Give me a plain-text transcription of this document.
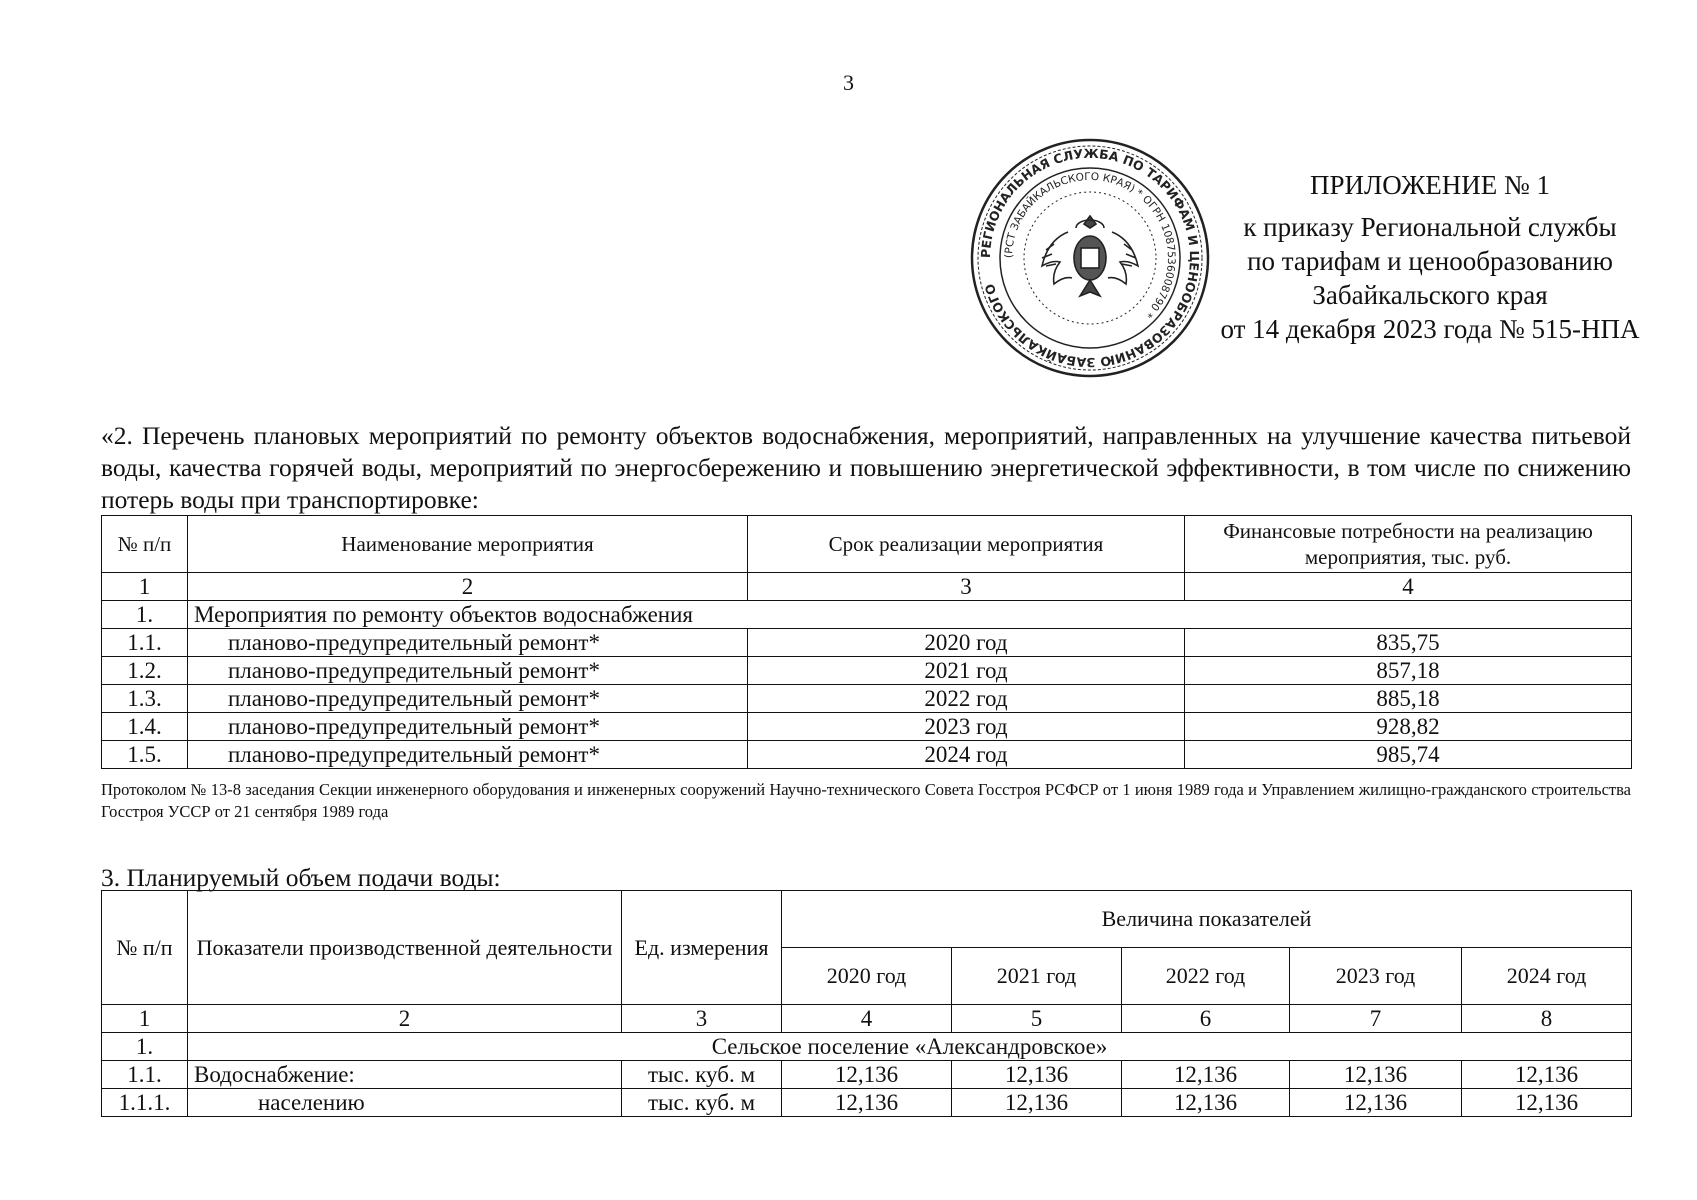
3
РЕГИОНАЛЬНАЯ СЛУЖБА ПО ТАРИФАМ И ЦЕНООБРАЗОВАНИЮ ЗАБАЙКАЛЬСКОГО
(РСТ ЗАБАЙКАЛЬСКОГО КРАЯ) * ОГРН 1087536008790 *
ПРИЛОЖЕНИЕ № 1
к приказу Региональной службы
по тарифам и ценообразованию
Забайкальского края
от 14 декабря 2023 года № 515-НПА
«2. Перечень плановых мероприятий по ремонту объектов водоснабжения, мероприятий, направленных на улучшение качества питьевой воды, качества горячей воды, мероприятий по энергосбережению и повышению энергетической эффективности, в том числе по снижению потерь воды при транспортировке:
№ п/п	Наименование мероприятия	Срок реализации мероприятия	Финансовые потребности на реализацию мероприятия, тыс. руб.
1	2	3	4
1.	Мероприятия по ремонту объектов водоснабжения		
1.1.	планово-предупредительный ремонт*	2020 год	835,75
1.2.	планово-предупредительный ремонт*	2021 год	857,18
1.3.	планово-предупредительный ремонт*	2022 год	885,18
1.4.	планово-предупредительный ремонт*	2023 год	928,82
1.5.	планово-предупредительный ремонт*	2024 год	985,74
Протоколом № 13-8 заседания Секции инженерного оборудования и инженерных сооружений Научно-технического Совета Госстроя РСФСР от 1 июня 1989 года и Управлением жилищно-гражданского строительства Госстроя УССР от 21 сентября 1989 года
3. Планируемый объем подачи воды:
№ п/п	Показатели производственной деятельности	Ед. измерения	Величина показателей				
			2020 год	2021 год	2022 год	2023 год	2024 год
1	2	3	4	5	6	7	8
1.	Сельское поселение «Александровское»						
1.1.	Водоснабжение:	тыс. куб. м	12,136	12,136	12,136	12,136	12,136
1.1.1.	населению	тыс. куб. м	12,136	12,136	12,136	12,136	12,136
